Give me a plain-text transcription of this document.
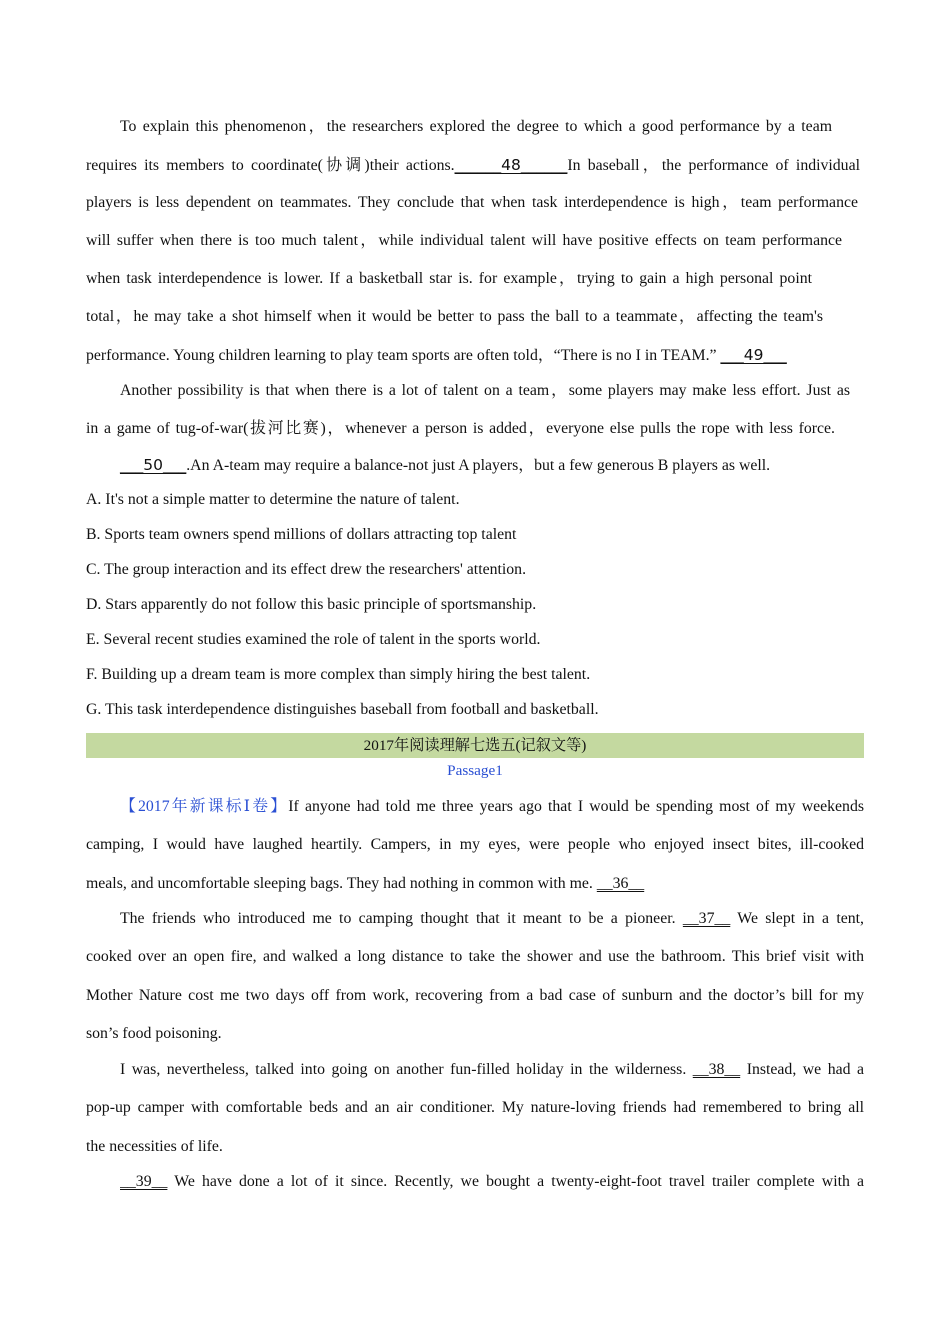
To explain this phenomenon，the researchers explored the degree to which a good performance by a team
requires its members to coordinate(协调)their actions.______48______In baseball，the performance of individual
players is less dependent on teammates. They conclude that when task interdependence is high，team performance
will suffer when there is too much talent，while individual talent will have positive effects on team performance
when task interdependence is lower. If a basketball star is. for example，trying to gain a high personal point
total，he may take a shot himself when it would be better to pass the ball to a teammate，affecting the team's
performance. Young children learning to play team sports are often told，“There is no I in TEAM.” ___49___
Another possibility is that when there is a lot of talent on a team，some players may make less effort. Just as
in a game of tug-of-war(拔河比赛)，whenever a person is added，everyone else pulls the rope with less force.
___50___.An A-team may require a balance-not just A players，but a few generous B players as well.
A. It's not a simple matter to determine the nature of talent.
B. Sports team owners spend millions of dollars attracting top talent
C. The group interaction and its effect drew the researchers' attention.
D. Stars apparently do not follow this basic principle of sportsmanship.
E. Several recent studies examined the role of talent in the sports world.
F. Building up a dream team is more complex than simply hiring the best talent.
G. This task interdependence distinguishes baseball from football and basketball.
2017年阅读理解七选五(记叙文等)
Passage1
【2017年新课标Ⅰ卷】If anyone had told me three years ago that I would be spending most of my weekends
camping, I would have laughed heartily. Campers, in my eyes, were people who enjoyed insect bites, ill-cooked
meals, and uncomfortable sleeping bags. They had nothing in common with me. __36__
The friends who introduced me to camping thought that it meant to be a pioneer. __37__ We slept in a tent,
cooked over an open fire, and walked a long distance to take the shower and use the bathroom. This brief visit with
Mother Nature cost me two days off from work, recovering from a bad case of sunburn and the doctor’s bill for my
son’s food poisoning.
I was, nevertheless, talked into going on another fun-filled holiday in the wilderness. __38__ Instead, we had a
pop-up camper with comfortable beds and an air conditioner. My nature-loving friends had remembered to bring all
the necessities of life.
__39__ We have done a lot of it since. Recently, we bought a twenty-eight-foot travel trailer complete with a
